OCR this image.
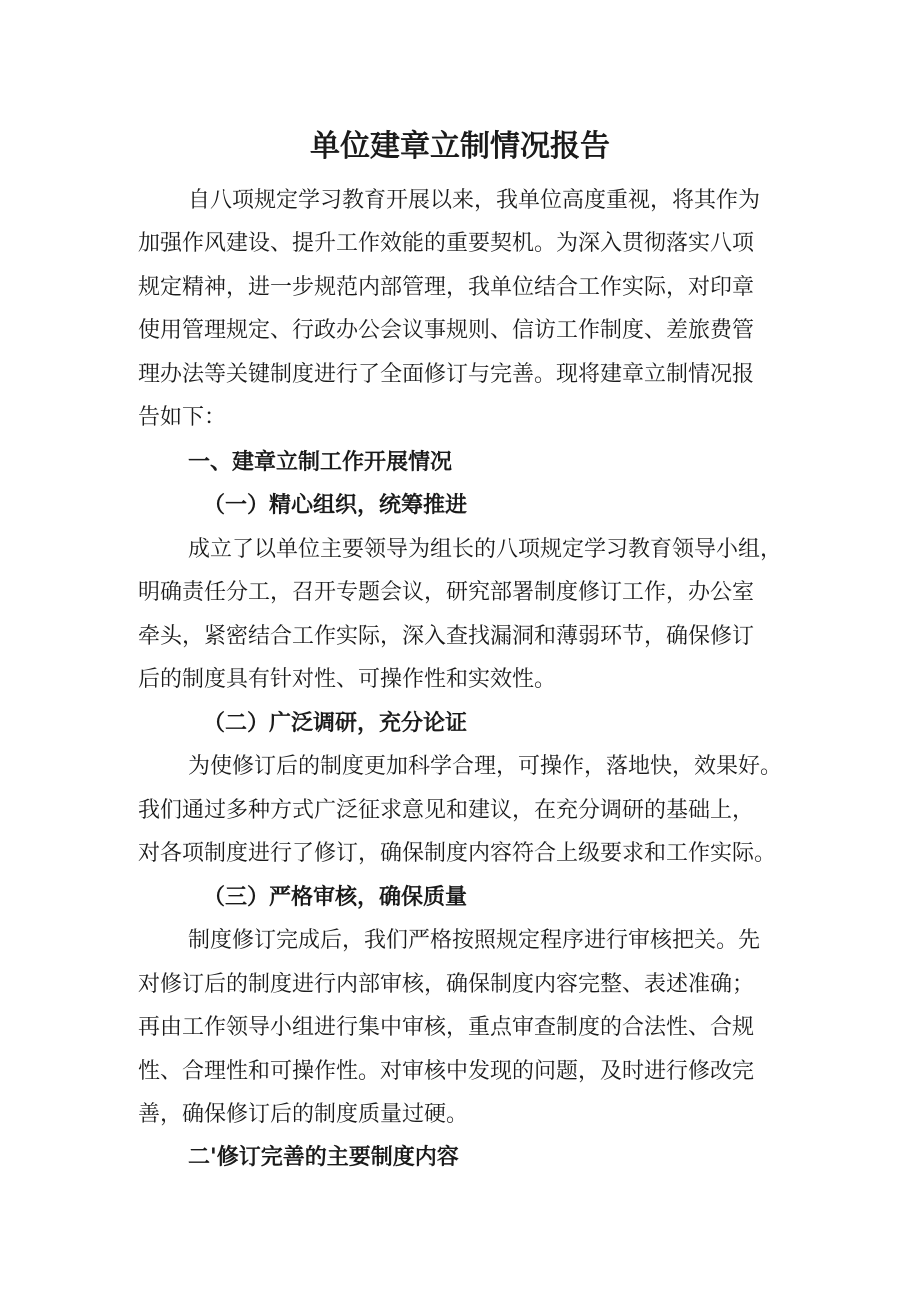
单位建章立制情况报告
自八项规定学习教育开展以来，我单位高度重视，将其作为
加强作风建设、提升工作效能的重要契机。为深入贯彻落实八项
规定精神，进一步规范内部管理，我单位结合工作实际，对印章
使用管理规定、行政办公会议事规则、信访工作制度、差旅费管
理办法等关键制度进行了全面修订与完善。现将建章立制情况报
告如下：
一、建章立制工作开展情况
（一）精心组织，统筹推进
成立了以单位主要领导为组长的八项规定学习教育领导小组，
明确责任分工，召开专题会议，研究部署制度修订工作，办公室
牵头，紧密结合工作实际，深入查找漏洞和薄弱环节，确保修订
后的制度具有针对性、可操作性和实效性。
（二）广泛调研，充分论证
为使修订后的制度更加科学合理，可操作，落地快，效果好。
我们通过多种方式广泛征求意见和建议，在充分调研的基础上，
对各项制度进行了修订，确保制度内容符合上级要求和工作实际。
（三）严格审核，确保质量
制度修订完成后，我们严格按照规定程序进行审核把关。先
对修订后的制度进行内部审核，确保制度内容完整、表述准确；
再由工作领导小组进行集中审核，重点审查制度的合法性、合规
性、合理性和可操作性。对审核中发现的问题，及时进行修改完
善，确保修订后的制度质量过硬。
二'修订完善的主要制度内容
